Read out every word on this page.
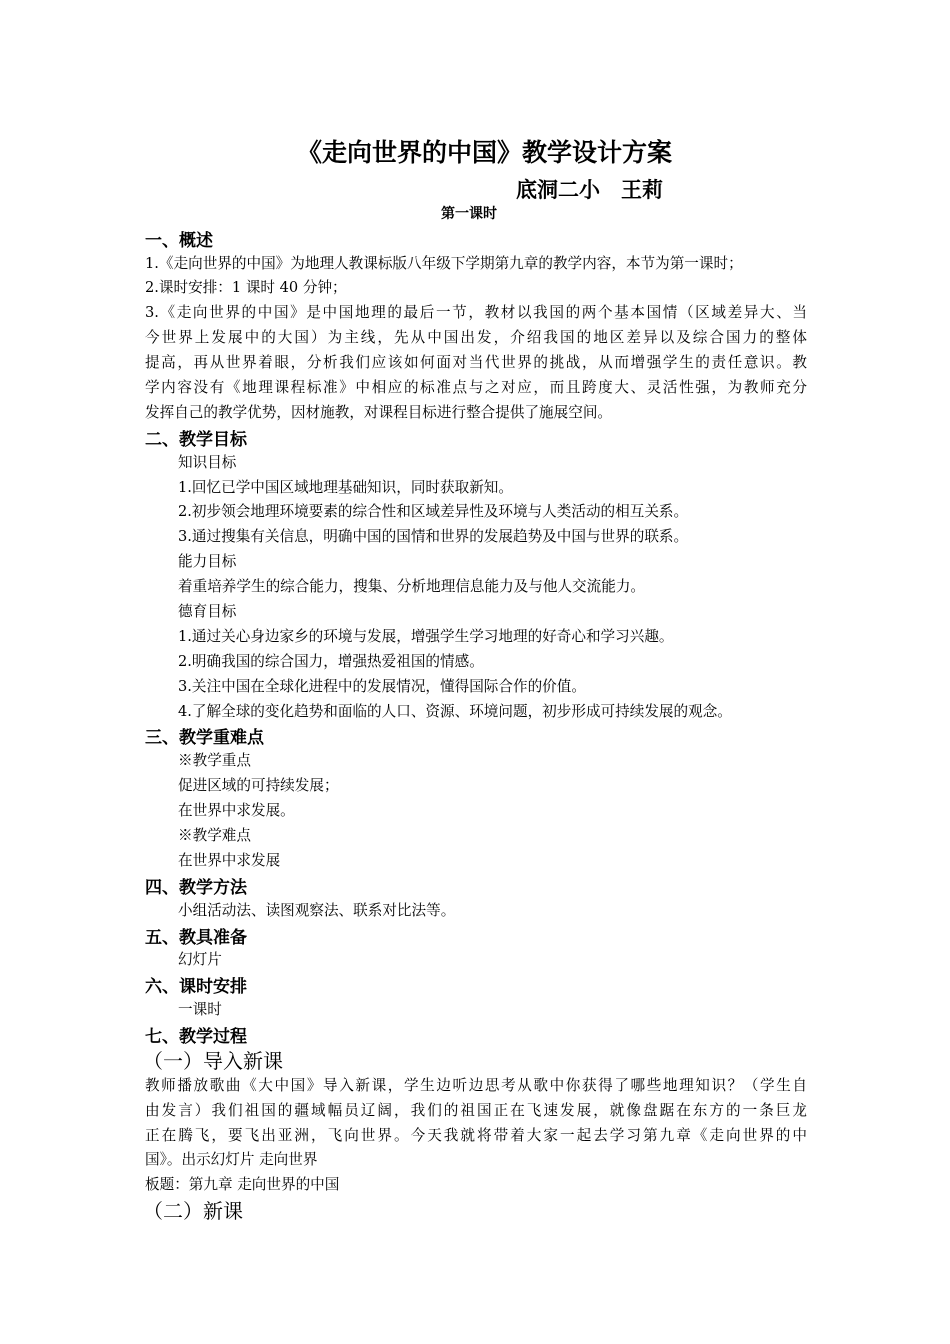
《走向世界的中国》教学设计方案
底洞二小　王莉
第一课时
一、概述
1.《走向世界的中国》为地理人教课标版八年级下学期第九章的教学内容，本节为第一课时；
2.课时安排：1 课时 40 分钟；
3.《走向世界的中国》是中国地理的最后一节，教材以我国的两个基本国情（区域差异大、当
今世界上发展中的大国）为主线，先从中国出发，介绍我国的地区差异以及综合国力的整体
提高，再从世界着眼，分析我们应该如何面对当代世界的挑战，从而增强学生的责任意识。教
学内容没有《地理课程标准》中相应的标准点与之对应，而且跨度大、灵活性强，为教师充分
发挥自己的教学优势，因材施教，对课程目标进行整合提供了施展空间。
二、教学目标
知识目标
1.回忆已学中国区域地理基础知识，同时获取新知。
2.初步领会地理环境要素的综合性和区域差异性及环境与人类活动的相互关系。
3.通过搜集有关信息，明确中国的国情和世界的发展趋势及中国与世界的联系。
能力目标
着重培养学生的综合能力，搜集、分析地理信息能力及与他人交流能力。
德育目标
1.通过关心身边家乡的环境与发展，增强学生学习地理的好奇心和学习兴趣。
2.明确我国的综合国力，增强热爱祖国的情感。
3.关注中国在全球化进程中的发展情况，懂得国际合作的价值。
4.了解全球的变化趋势和面临的人口、资源、环境问题，初步形成可持续发展的观念。
三、教学重难点
※教学重点
促进区域的可持续发展；
在世界中求发展。
※教学难点
在世界中求发展
四、教学方法
小组活动法、读图观察法、联系对比法等。
五、教具准备
幻灯片
六、课时安排
一课时
七、教学过程
（一）导入新课
教师播放歌曲《大中国》导入新课，学生边听边思考从歌中你获得了哪些地理知识？（学生自
由发言）我们祖国的疆域幅员辽阔，我们的祖国正在飞速发展，就像盘踞在东方的一条巨龙
正在腾飞，要飞出亚洲，飞向世界。今天我就将带着大家一起去学习第九章《走向世界的中
国》。出示幻灯片 走向世界
板题：第九章 走向世界的中国
（二）新课
